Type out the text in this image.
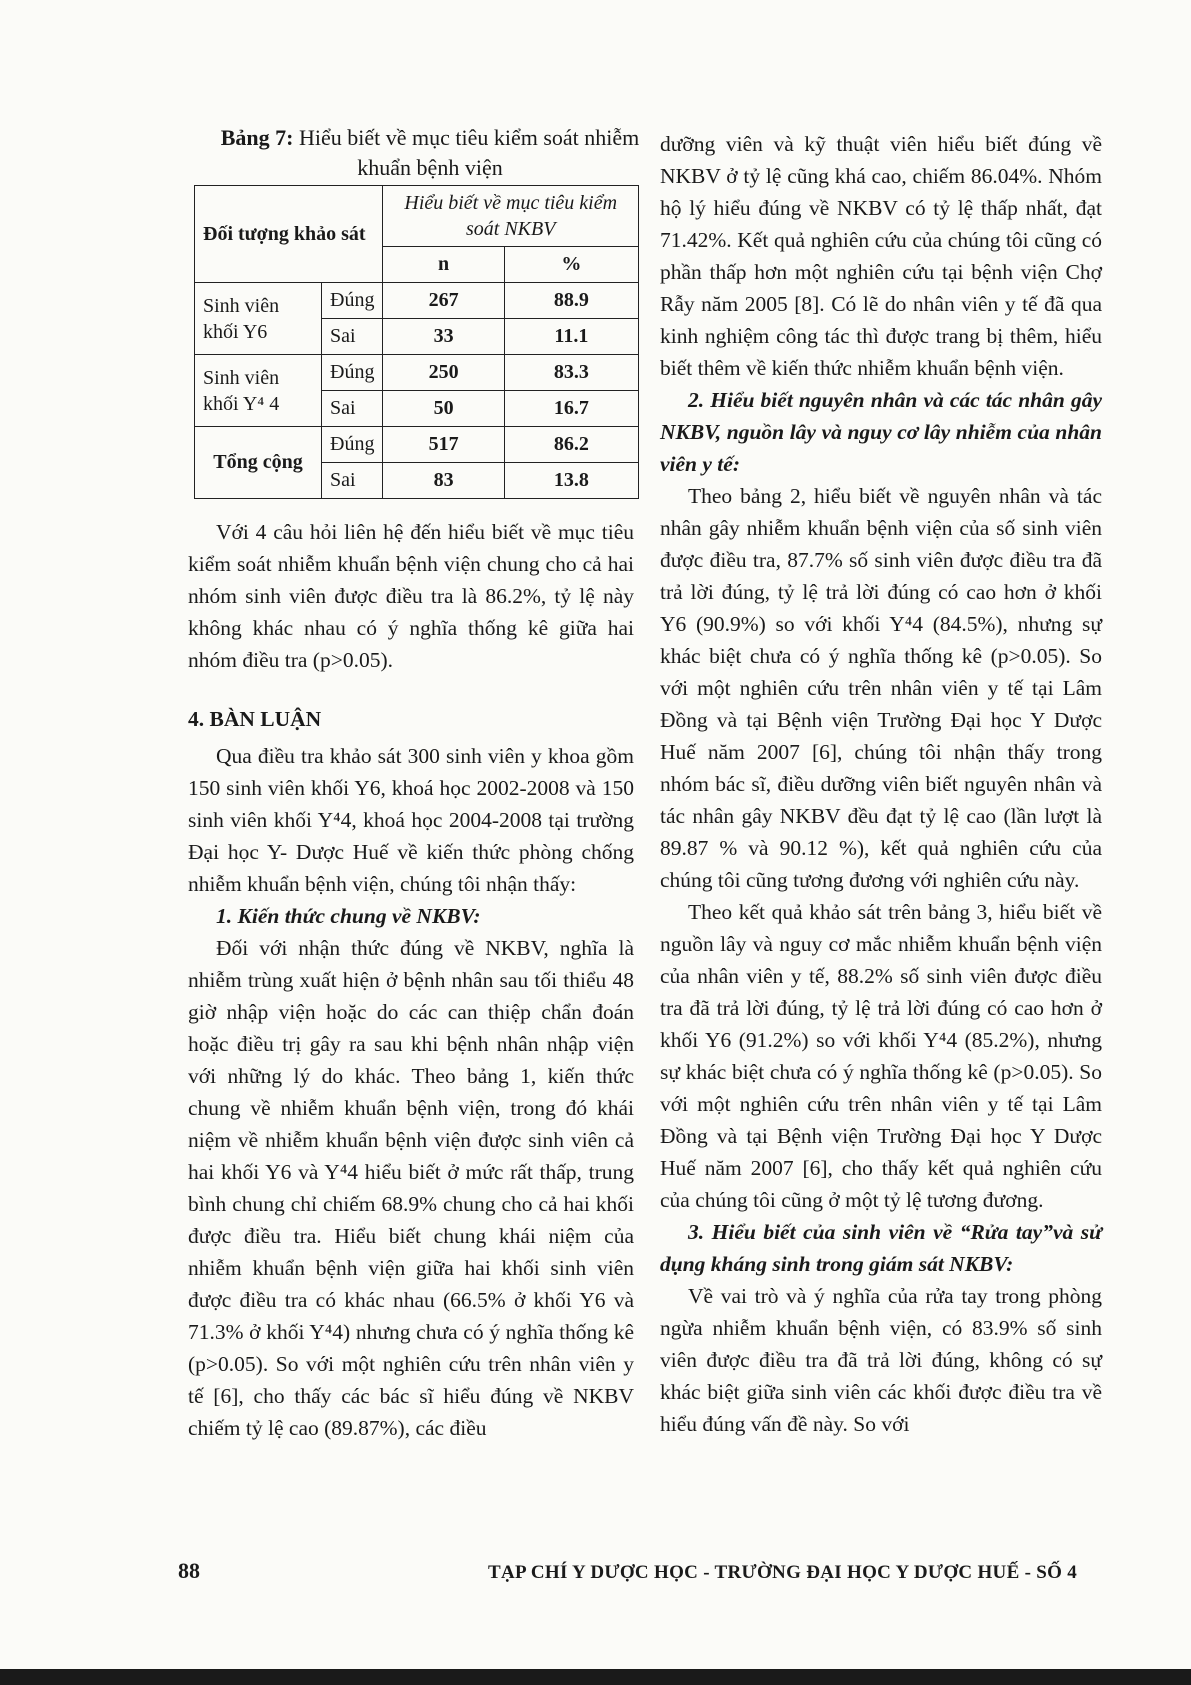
Bảng 7: Hiểu biết về mục tiêu kiểm soát nhiễm khuẩn bệnh viện
Đối tượng khảo sát		Hiểu biết về mục tiêu kiểm soát NKBV	
		n	%
Sinh viên khối Y6	Đúng	267	88.9
	Sai	33	11.1
Sinh viên khối Y⁴ 4	Đúng	250	83.3
	Sai	50	16.7
Tổng cộng	Đúng	517	86.2
	Sai	83	13.8

Với 4 câu hỏi liên hệ đến hiểu biết về mục tiêu kiểm soát nhiễm khuẩn bệnh viện chung cho cả hai nhóm sinh viên được điều tra là 86.2%, tỷ lệ này không khác nhau có ý nghĩa thống kê giữa hai nhóm điều tra (p>0.05).

4. BÀN LUẬN

Qua điều tra khảo sát 300 sinh viên y khoa gồm 150 sinh viên khối Y6, khoá học 2002-2008 và 150 sinh viên khối Y⁴4, khoá học 2004-2008 tại trường Đại học Y- Dược Huế về kiến thức phòng chống nhiễm khuẩn bệnh viện, chúng tôi nhận thấy:

1. Kiến thức chung về NKBV:

Đối với nhận thức đúng về NKBV, nghĩa là nhiễm trùng xuất hiện ở bệnh nhân sau tối thiểu 48 giờ nhập viện hoặc do các can thiệp chẩn đoán hoặc điều trị gây ra sau khi bệnh nhân nhập viện với những lý do khác. Theo bảng 1, kiến thức chung về nhiễm khuẩn bệnh viện, trong đó khái niệm về nhiễm khuẩn bệnh viện được sinh viên cả hai khối Y6 và Y⁴4 hiểu biết ở mức rất thấp, trung bình chung chỉ chiếm 68.9% chung cho cả hai khối được điều tra. Hiểu biết chung khái niệm của nhiễm khuẩn bệnh viện giữa hai khối sinh viên được điều tra có khác nhau (66.5% ở khối Y6 và 71.3% ở khối Y⁴4) nhưng chưa có ý nghĩa thống kê (p>0.05). So với một nghiên cứu trên nhân viên y tế [6], cho thấy các bác sĩ hiểu đúng về NKBV chiếm tỷ lệ cao (89.87%), các điều

dưỡng viên và kỹ thuật viên hiểu biết đúng về NKBV ở tỷ lệ cũng khá cao, chiếm 86.04%. Nhóm hộ lý hiểu đúng về NKBV có tỷ lệ thấp nhất, đạt 71.42%. Kết quả nghiên cứu của chúng tôi cũng có phần thấp hơn một nghiên cứu tại bệnh viện Chợ Rẫy năm 2005 [8]. Có lẽ do nhân viên y tế đã qua kinh nghiệm công tác thì được trang bị thêm, hiểu biết thêm về kiến thức nhiễm khuẩn bệnh viện.

2. Hiểu biết nguyên nhân và các tác nhân gây NKBV, nguồn lây và nguy cơ lây nhiễm của nhân viên y tế:

Theo bảng 2, hiểu biết về nguyên nhân và tác nhân gây nhiễm khuẩn bệnh viện của số sinh viên được điều tra, 87.7% số sinh viên được điều tra đã trả lời đúng, tỷ lệ trả lời đúng có cao hơn ở khối Y6 (90.9%) so với khối Y⁴4 (84.5%), nhưng sự khác biệt chưa có ý nghĩa thống kê (p>0.05). So với một nghiên cứu trên nhân viên y tế tại Lâm Đồng và tại Bệnh viện Trường Đại học Y Dược Huế năm 2007 [6], chúng tôi nhận thấy trong nhóm bác sĩ, điều dưỡng viên biết nguyên nhân và tác nhân gây NKBV đều đạt tỷ lệ cao (lần lượt là 89.87 % và 90.12 %), kết quả nghiên cứu của chúng tôi cũng tương đương với nghiên cứu này.

Theo kết quả khảo sát trên bảng 3, hiểu biết về nguồn lây và nguy cơ mắc nhiễm khuẩn bệnh viện của nhân viên y tế, 88.2% số sinh viên được điều tra đã trả lời đúng, tỷ lệ trả lời đúng có cao hơn ở khối Y6 (91.2%) so với khối Y⁴4 (85.2%), nhưng sự khác biệt chưa có ý nghĩa thống kê (p>0.05). So với một nghiên cứu trên nhân viên y tế tại Lâm Đồng và tại Bệnh viện Trường Đại học Y Dược Huế năm 2007 [6], cho thấy kết quả nghiên cứu của chúng tôi cũng ở một tỷ lệ tương đương.

3. Hiểu biết của sinh viên về “Rửa tay”và sử dụng kháng sinh trong giám sát NKBV:

Về vai trò và ý nghĩa của rửa tay trong phòng ngừa nhiễm khuẩn bệnh viện, có 83.9% số sinh viên được điều tra đã trả lời đúng, không có sự khác biệt giữa sinh viên các khối được điều tra về hiểu đúng vấn đề này. So với

88	TẠP CHÍ Y DƯỢC HỌC - TRƯỜNG ĐẠI HỌC Y DƯỢC HUẾ - SỐ 4
